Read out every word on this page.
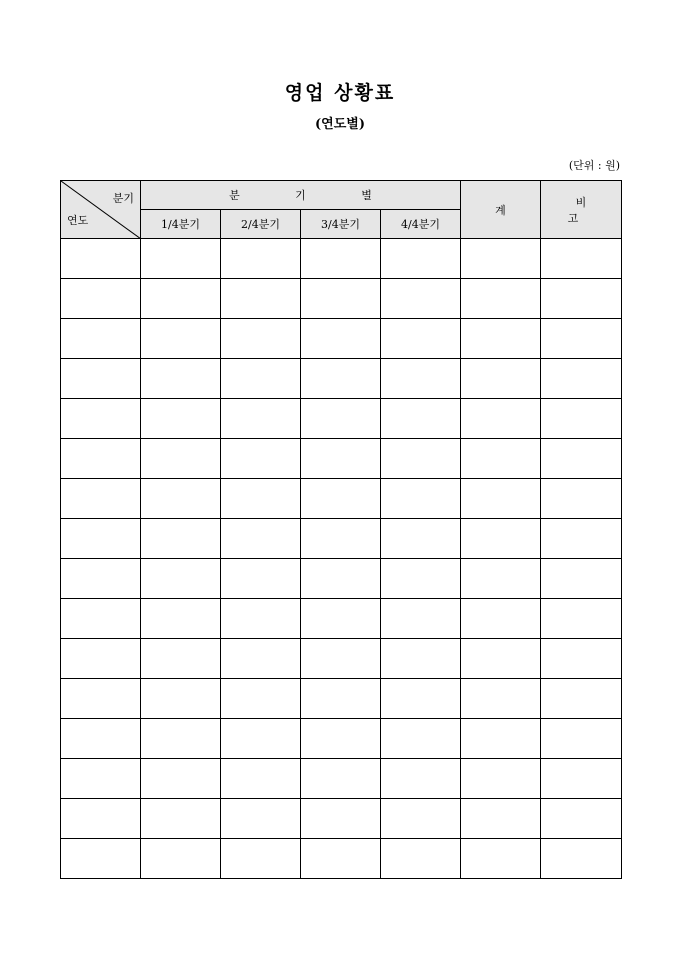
영업 상황표
(연도별)
(단위 : 원)
분기
연도	분 기 별				계	비 고
	1/4분기	2/4분기	3/4분기	4/4분기		
